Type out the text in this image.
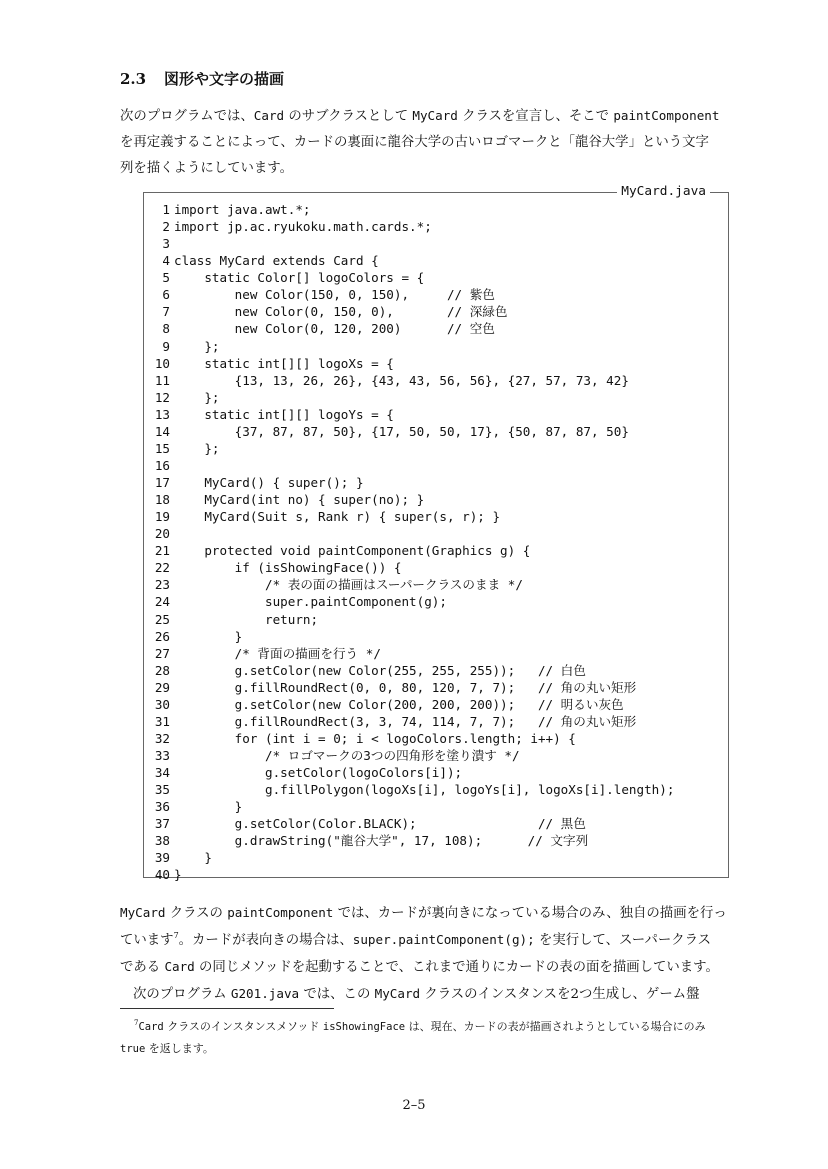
2.3 図形や文字の描画
次のプログラムでは、Card のサブクラスとして MyCard クラスを宣言し、そこで paintComponent
を再定義することによって、カードの裏面に龍谷大学の古いロゴマークと「龍谷大学」という文字
列を描くようにしています。
MyCard.java
1 import java.awt.*;
2 import jp.ac.ryukoku.math.cards.*;
3
4 class MyCard extends Card {
5    static Color[] logoColors = {
6        new Color(150, 0, 150),     // 紫色
7        new Color(0, 150, 0),       // 深緑色
8        new Color(0, 120, 200)      // 空色
9    };
10    static int[][] logoXs = {
11        {13, 13, 26, 26}, {43, 43, 56, 56}, {27, 57, 73, 42}
12    };
13    static int[][] logoYs = {
14        {37, 87, 87, 50}, {17, 50, 50, 17}, {50, 87, 87, 50}
15    };
16
17    MyCard() { super(); }
18    MyCard(int no) { super(no); }
19    MyCard(Suit s, Rank r) { super(s, r); }
20
21    protected void paintComponent(Graphics g) {
22        if (isShowingFace()) {
23            /* 表の面の描画はスーパークラスのまま */
24            super.paintComponent(g);
25            return;
26        }
27        /* 背面の描画を行う */
28        g.setColor(new Color(255, 255, 255));   // 白色
29        g.fillRoundRect(0, 0, 80, 120, 7, 7);   // 角の丸い矩形
30        g.setColor(new Color(200, 200, 200));   // 明るい灰色
31        g.fillRoundRect(3, 3, 74, 114, 7, 7);   // 角の丸い矩形
32        for (int i = 0; i < logoColors.length; i++) {
33            /* ロゴマークの3つの四角形を塗り潰す */
34            g.setColor(logoColors[i]);
35            g.fillPolygon(logoXs[i], logoYs[i], logoXs[i].length);
36        }
37        g.setColor(Color.BLACK);                // 黒色
38        g.drawString("龍谷大学", 17, 108);      // 文字列
39    }
40 }
MyCard クラスの paintComponent では、カードが裏向きになっている場合のみ、独自の描画を行っ
ています$^7$。カードが表向きの場合は、super.paintComponent(g); を実行して、スーパークラス
である Card の同じメソッドを起動することで、これまで通りにカードの表の面を描画しています。
次のプログラム G201.java では、この MyCard クラスのインスタンスを2つ生成し、ゲーム盤
$^7$Card クラスのインスタンスメソッド isShowingFace は、現在、カードの表が描画されようとしている場合にのみ
true を返します。
2–5
